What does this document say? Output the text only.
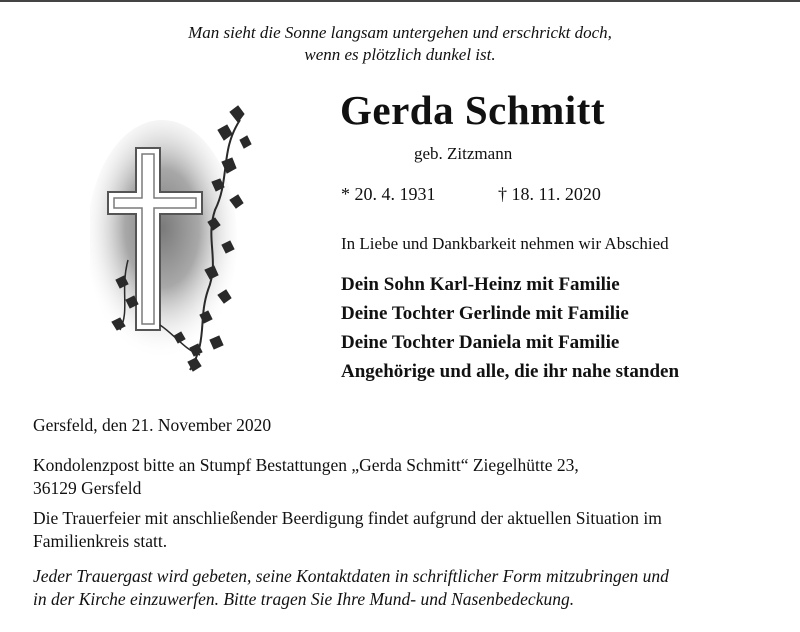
Man sieht die Sonne langsam untergehen und erschrickt doch,
wenn es plötzlich dunkel ist.
Gerda Schmitt
geb. Zitzmann
* 20. 4. 1931	† 18. 11. 2020
In Liebe und Dankbarkeit nehmen wir Abschied
Dein Sohn Karl-Heinz mit Familie
Deine Tochter Gerlinde mit Familie
Deine Tochter Daniela mit Familie
Angehörige und alle, die ihr nahe standen
Gersfeld, den 21. November 2020
Kondolenzpost bitte an Stumpf Bestattungen „Gerda Schmitt“ Ziegelhütte 23,
36129 Gersfeld
Die Trauerfeier mit anschließender Beerdigung findet aufgrund der aktuellen Situation im
Familienkreis statt.
Jeder Trauergast wird gebeten, seine Kontaktdaten in schriftlicher Form mitzubringen und
in der Kirche einzuwerfen. Bitte tragen Sie Ihre Mund- und Nasenbedeckung.
